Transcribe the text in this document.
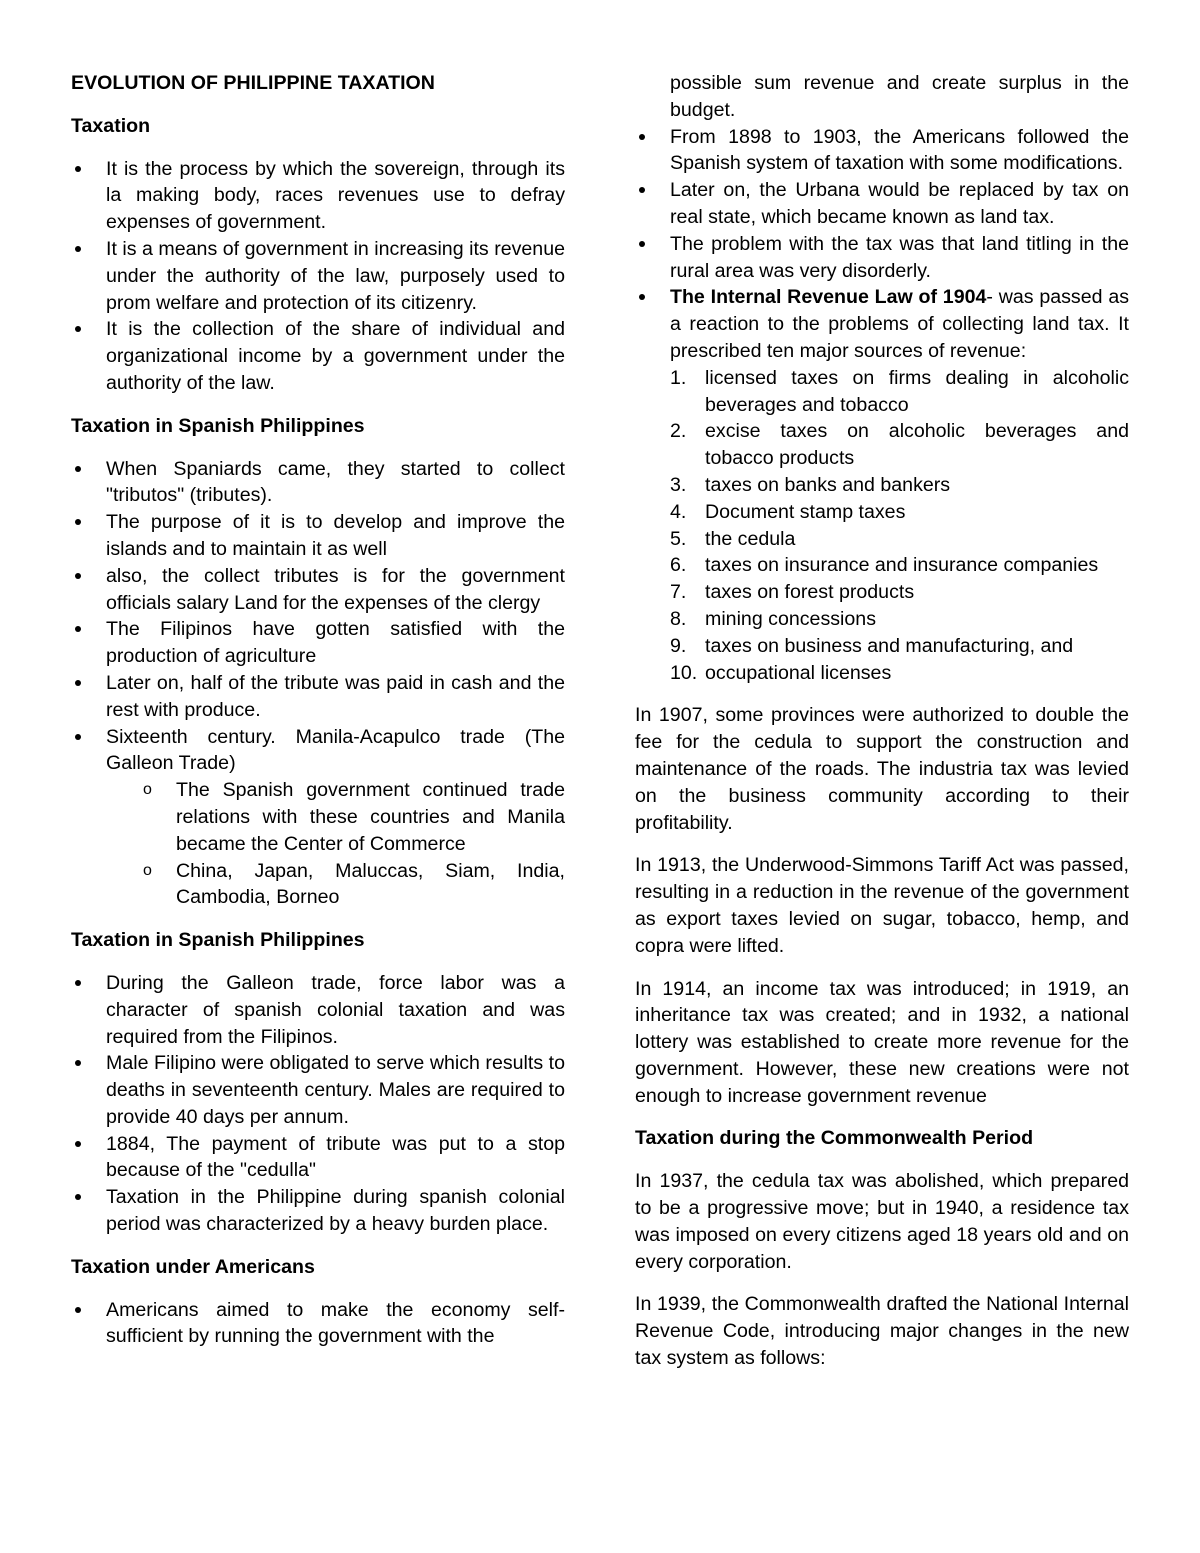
EVOLUTION OF PHILIPPINE TAXATION
Taxation
It is the process by which the sovereign, through its la making body, races revenues use to defray expenses of government.
It is a means of government in increasing its revenue under the authority of the law, purposely used to prom welfare and protection of its citizenry.
It is the collection of the share of individual and organizational income by a government under the authority of the law.
Taxation in Spanish Philippines
When Spaniards came, they started to collect "tributos" (tributes).
The purpose of it is to develop and improve the islands and to maintain it as well
also, the collect tributes is for the government officials salary Land for the expenses of the clergy
The Filipinos have gotten satisfied with the production of agriculture
Later on, half of the tribute was paid in cash and the rest with produce.
Sixteenth century. Manila-Acapulco trade (The Galleon Trade)
o The Spanish government continued trade relations with these countries and Manila became the Center of Commerce
o China, Japan, Maluccas, Siam, India, Cambodia, Borneo
Taxation in Spanish Philippines
During the Galleon trade, force labor was a character of spanish colonial taxation and was required from the Filipinos.
Male Filipino were obligated to serve which results to deaths in seventeenth century. Males are required to provide 40 days per annum.
1884, The payment of tribute was put to a stop because of the "cedulla"
Taxation in the Philippine during spanish colonial period was characterized by a heavy burden place.
Taxation under Americans
Americans aimed to make the economy self-sufficient by running the government with the
possible sum revenue and create surplus in the budget.
From 1898 to 1903, the Americans followed the Spanish system of taxation with some modifications.
Later on, the Urbana would be replaced by tax on real state, which became known as land tax.
The problem with the tax was that land titling in the rural area was very disorderly.
The Internal Revenue Law of 1904- was passed as a reaction to the problems of collecting land tax. It prescribed ten major sources of revenue:
1. licensed taxes on firms dealing in alcoholic beverages and tobacco
2. excise taxes on alcoholic beverages and tobacco products
3. taxes on banks and bankers
4. Document stamp taxes
5. the cedula
6. taxes on insurance and insurance companies
7. taxes on forest products
8. mining concessions
9. taxes on business and manufacturing, and
10. occupational licenses

In 1907, some provinces were authorized to double the fee for the cedula to support the construction and maintenance of the roads. The industria tax was levied on the business community according to their profitability.

In 1913, the Underwood-Simmons Tariff Act was passed, resulting in a reduction in the revenue of the government as export taxes levied on sugar, tobacco, hemp, and copra were lifted.

In 1914, an income tax was introduced; in 1919, an inheritance tax was created; and in 1932, a national lottery was established to create more revenue for the government. However, these new creations were not enough to increase government revenue

Taxation during the Commonwealth Period

In 1937, the cedula tax was abolished, which prepared to be a progressive move; but in 1940, a residence tax was imposed on every citizens aged 18 years old and on every corporation.

In 1939, the Commonwealth drafted the National Internal Revenue Code, introducing major changes in the new tax system as follows:
